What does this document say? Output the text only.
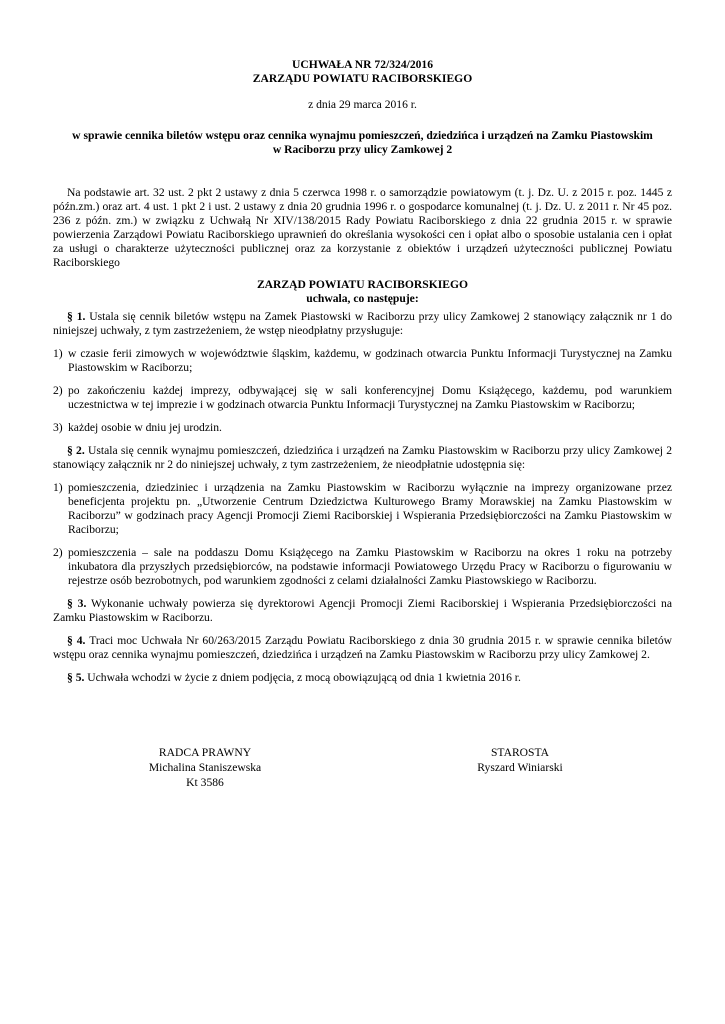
UCHWAŁA NR 72/324/2016
ZARZĄDU POWIATU RACIBORSKIEGO
z dnia 29 marca 2016 r.
w sprawie cennika biletów wstępu oraz cennika wynajmu pomieszczeń, dziedzińca i urządzeń na Zamku Piastowskim
w Raciborzu przy ulicy Zamkowej 2
Na podstawie art. 32 ust. 2 pkt 2 ustawy z dnia 5 czerwca 1998 r. o samorządzie powiatowym (t. j. Dz. U. z 2015 r. poz. 1445 z późn.zm.) oraz art. 4 ust. 1 pkt 2 i ust. 2 ustawy z dnia 20 grudnia 1996 r. o gospodarce komunalnej (t. j. Dz. U. z 2011 r. Nr 45 poz. 236 z późn. zm.) w związku z Uchwałą Nr XIV/138/2015 Rady Powiatu Raciborskiego z dnia 22 grudnia 2015 r. w sprawie powierzenia Zarządowi Powiatu Raciborskiego uprawnień do określania wysokości cen i opłat albo o sposobie ustalania cen i opłat za usługi o charakterze użyteczności publicznej oraz za korzystanie z obiektów i urządzeń użyteczności publicznej Powiatu Raciborskiego
ZARZĄD POWIATU RACIBORSKIEGO
uchwala, co następuje:

§ 1. Ustala się cennik biletów wstępu na Zamek Piastowski w Raciborzu przy ulicy Zamkowej 2 stanowiący załącznik nr 1 do niniejszej uchwały, z tym zastrzeżeniem, że wstęp nieodpłatny przysługuje:

1) w czasie ferii zimowych w województwie śląskim, każdemu, w godzinach otwarcia Punktu Informacji Turystycznej na Zamku Piastowskim w Raciborzu;
2) po zakończeniu każdej imprezy, odbywającej się w sali konferencyjnej Domu Książęcego, każdemu, pod warunkiem uczestnictwa w tej imprezie i w godzinach otwarcia Punktu Informacji Turystycznej na Zamku Piastowskim w Raciborzu;
3) każdej osobie w dniu jej urodzin.

§ 2. Ustala się cennik wynajmu pomieszczeń, dziedzińca i urządzeń na Zamku Piastowskim w Raciborzu przy ulicy Zamkowej 2 stanowiący załącznik nr 2 do niniejszej uchwały, z tym zastrzeżeniem, że nieodpłatnie udostępnia się:

1) pomieszczenia, dziedziniec i urządzenia na Zamku Piastowskim w Raciborzu wyłącznie na imprezy organizowane przez beneficjenta projektu pn. „Utworzenie Centrum Dziedzictwa Kulturowego Bramy Morawskiej na Zamku Piastowskim w Raciborzu” w godzinach pracy Agencji Promocji Ziemi Raciborskiej i Wspierania Przedsiębiorczości na Zamku Piastowskim w Raciborzu;
2) pomieszczenia – sale na poddaszu Domu Książęcego na Zamku Piastowskim w Raciborzu na okres 1 roku na potrzeby inkubatora dla przyszłych przedsiębiorców, na podstawie informacji Powiatowego Urzędu Pracy w Raciborzu o figurowaniu w rejestrze osób bezrobotnych, pod warunkiem zgodności z celami działalności Zamku Piastowskiego w Raciborzu.

§ 3. Wykonanie uchwały powierza się dyrektorowi Agencji Promocji Ziemi Raciborskiej i Wspierania Przedsiębiorczości na Zamku Piastowskim w Raciborzu.

§ 4. Traci moc Uchwała Nr 60/263/2015 Zarządu Powiatu Raciborskiego z dnia 30 grudnia 2015 r. w sprawie cennika biletów wstępu oraz cennika wynajmu pomieszczeń, dziedzińca i urządzeń na Zamku Piastowskim w Raciborzu przy ulicy Zamkowej 2.

§ 5. Uchwała wchodzi w życie z dniem podjęcia, z mocą obowiązującą od dnia 1 kwietnia 2016 r.

RADCA PRAWNY
Michalina Staniszewska
Kt 3586
STAROSTA
Ryszard Winiarski
